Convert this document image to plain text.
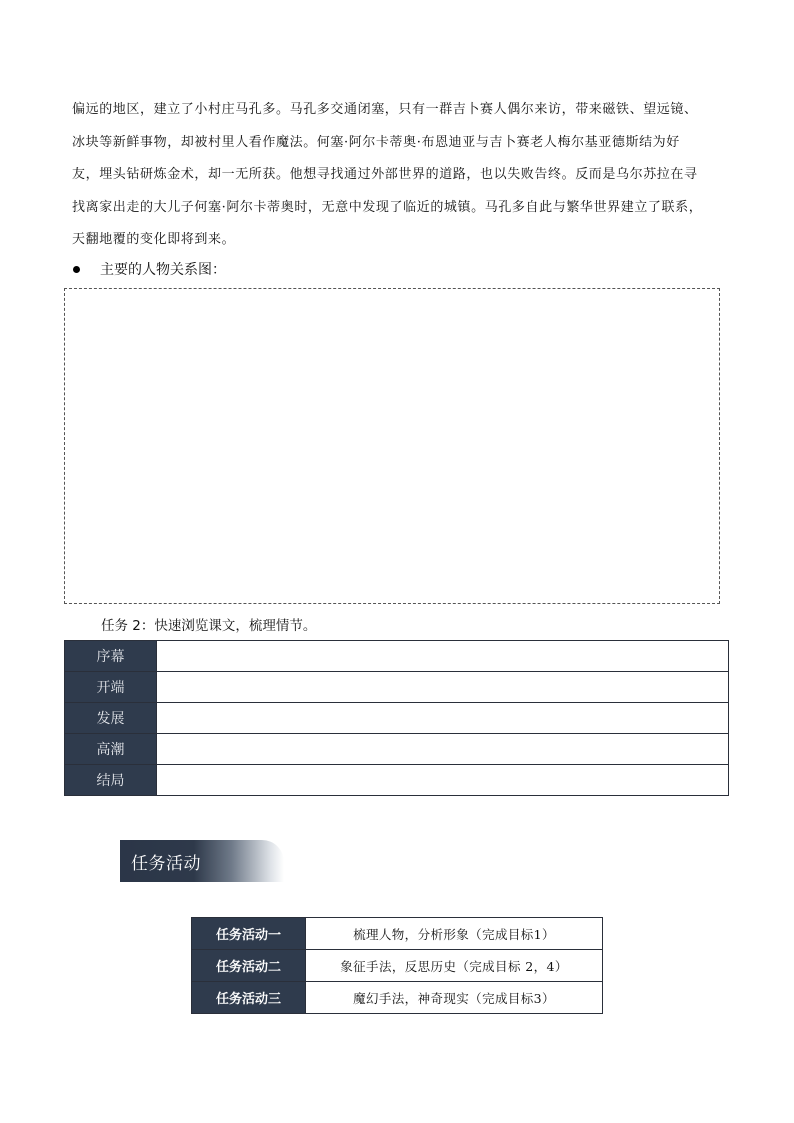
偏远的地区，建立了小村庄马孔多。马孔多交通闭塞，只有一群吉卜赛人偶尔来访，带来磁铁、望远镜、
冰块等新鲜事物，却被村里人看作魔法。何塞·阿尔卡蒂奥·布恩迪亚与吉卜赛老人梅尔基亚德斯结为好
友，埋头钻研炼金术，却一无所获。他想寻找通过外部世界的道路，也以失败告终。反而是乌尔苏拉在寻
找离家出走的大儿子何塞·阿尔卡蒂奥时，无意中发现了临近的城镇。马孔多自此与繁华世界建立了联系，
天翻地覆的变化即将到来。
主要的人物关系图：
任务 2：快速浏览课文，梳理情节。
序幕	
开端	
发展	
高潮	
结局	
任务活动
任务活动一	梳理人物，分析形象（完成目标1）
任务活动二	象征手法，反思历史（完成目标 2，4）
任务活动三	魔幻手法，神奇现实（完成目标3）
